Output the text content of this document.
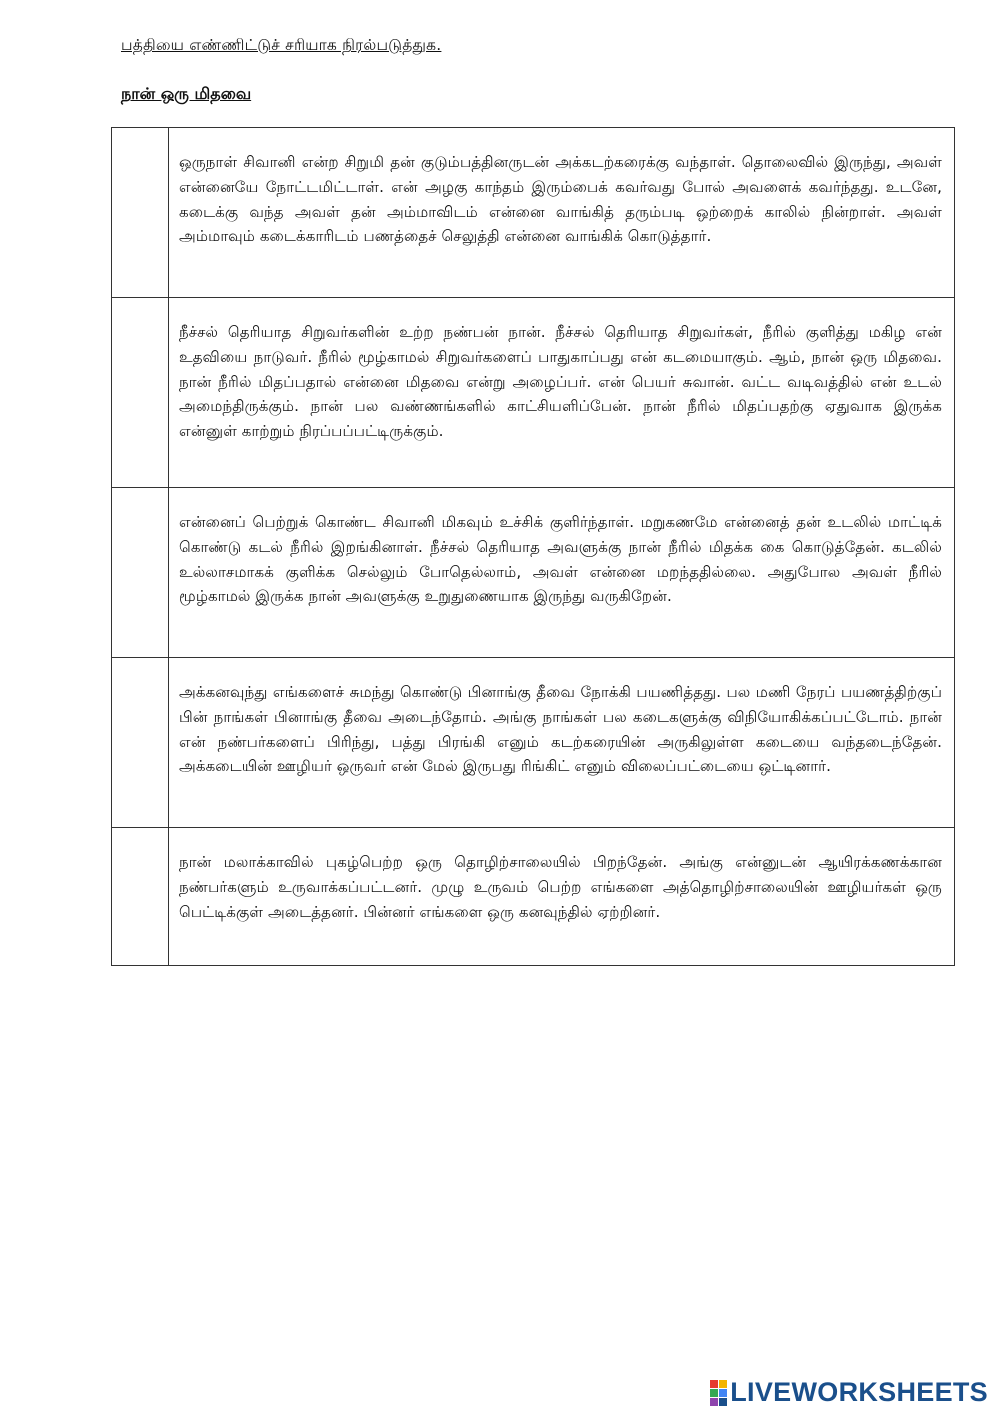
பத்தியை எண்ணிட்டுச் சரியாக நிரல்படுத்துக.
நான் ஒரு மிதவை
	ஒருநாள் சிவானி என்ற சிறுமி தன் குடும்பத்தினருடன் அக்கடற்கரைக்கு வந்தாள். தொலைவில் இருந்து, அவள் என்னையே நோட்டமிட்டாள். என் அழகு காந்தம் இரும்பைக் கவர்வது போல் அவளைக் கவர்ந்தது. உடனே, கடைக்கு வந்த அவள் தன் அம்மாவிடம் என்னை வாங்கித் தரும்படி ஒற்றைக் காலில் நின்றாள். அவள் அம்மாவும் கடைக்காரிடம் பணத்தைச் செலுத்தி என்னை வாங்கிக் கொடுத்தார்.

	நீச்சல் தெரியாத சிறுவர்களின் உற்ற நண்பன் நான். நீச்சல் தெரியாத சிறுவர்கள், நீரில் குளித்து மகிழ என் உதவியை நாடுவர். நீரில் மூழ்காமல் சிறுவர்களைப் பாதுகாப்பது என் கடமையாகும். ஆம், நான் ஒரு மிதவை. நான் நீரில் மிதப்பதால் என்னை மிதவை என்று அழைப்பர். என் பெயர் சுவான். வட்ட வடிவத்தில் என் உடல் அமைந்திருக்கும். நான் பல வண்ணங்களில் காட்சியளிப்பேன். நான் நீரில் மிதப்பதற்கு ஏதுவாக இருக்க என்னுள் காற்றும் நிரப்பப்பட்டிருக்கும்.

	என்னைப் பெற்றுக் கொண்ட சிவானி மிகவும் உச்சிக் குளிர்ந்தாள். மறுகணமே என்னைத் தன் உடலில் மாட்டிக் கொண்டு கடல் நீரில் இறங்கினாள். நீச்சல் தெரியாத அவளுக்கு நான் நீரில் மிதக்க கை கொடுத்தேன். கடலில் உல்லாசமாகக் குளிக்க செல்லும் போதெல்லாம், அவள் என்னை மறந்ததில்லை. அதுபோல அவள் நீரில் மூழ்காமல் இருக்க நான் அவளுக்கு உறுதுணையாக இருந்து வருகிறேன்.

	அக்கனவுந்து எங்களைச் சுமந்து கொண்டு பினாங்கு தீவை நோக்கி பயணித்தது. பல மணி நேரப் பயணத்திற்குப் பின் நாங்கள் பினாங்கு தீவை அடைந்தோம். அங்கு நாங்கள் பல கடைகளுக்கு விநியோகிக்கப்பட்டோம். நான் என் நண்பர்களைப் பிரிந்து, பத்து பிரங்கி எனும் கடற்கரையின் அருகிலுள்ள கடையை வந்தடைந்தேன். அக்கடையின் ஊழியர் ஒருவர் என் மேல் இருபது ரிங்கிட் எனும் விலைப்பட்டையை ஒட்டினார்.

	நான் மலாக்காவில் புகழ்பெற்ற ஒரு தொழிற்சாலையில் பிறந்தேன். அங்கு என்னுடன் ஆயிரக்கணக்கான நண்பர்களும் உருவாக்கப்பட்டனர். முழு உருவம் பெற்ற எங்களை அத்தொழிற்சாலையின் ஊழியர்கள் ஒரு பெட்டிக்குள் அடைத்தனர். பின்னர் எங்களை ஒரு கனவுந்தில் ஏற்றினர்.
LIVEWORKSHEETS
